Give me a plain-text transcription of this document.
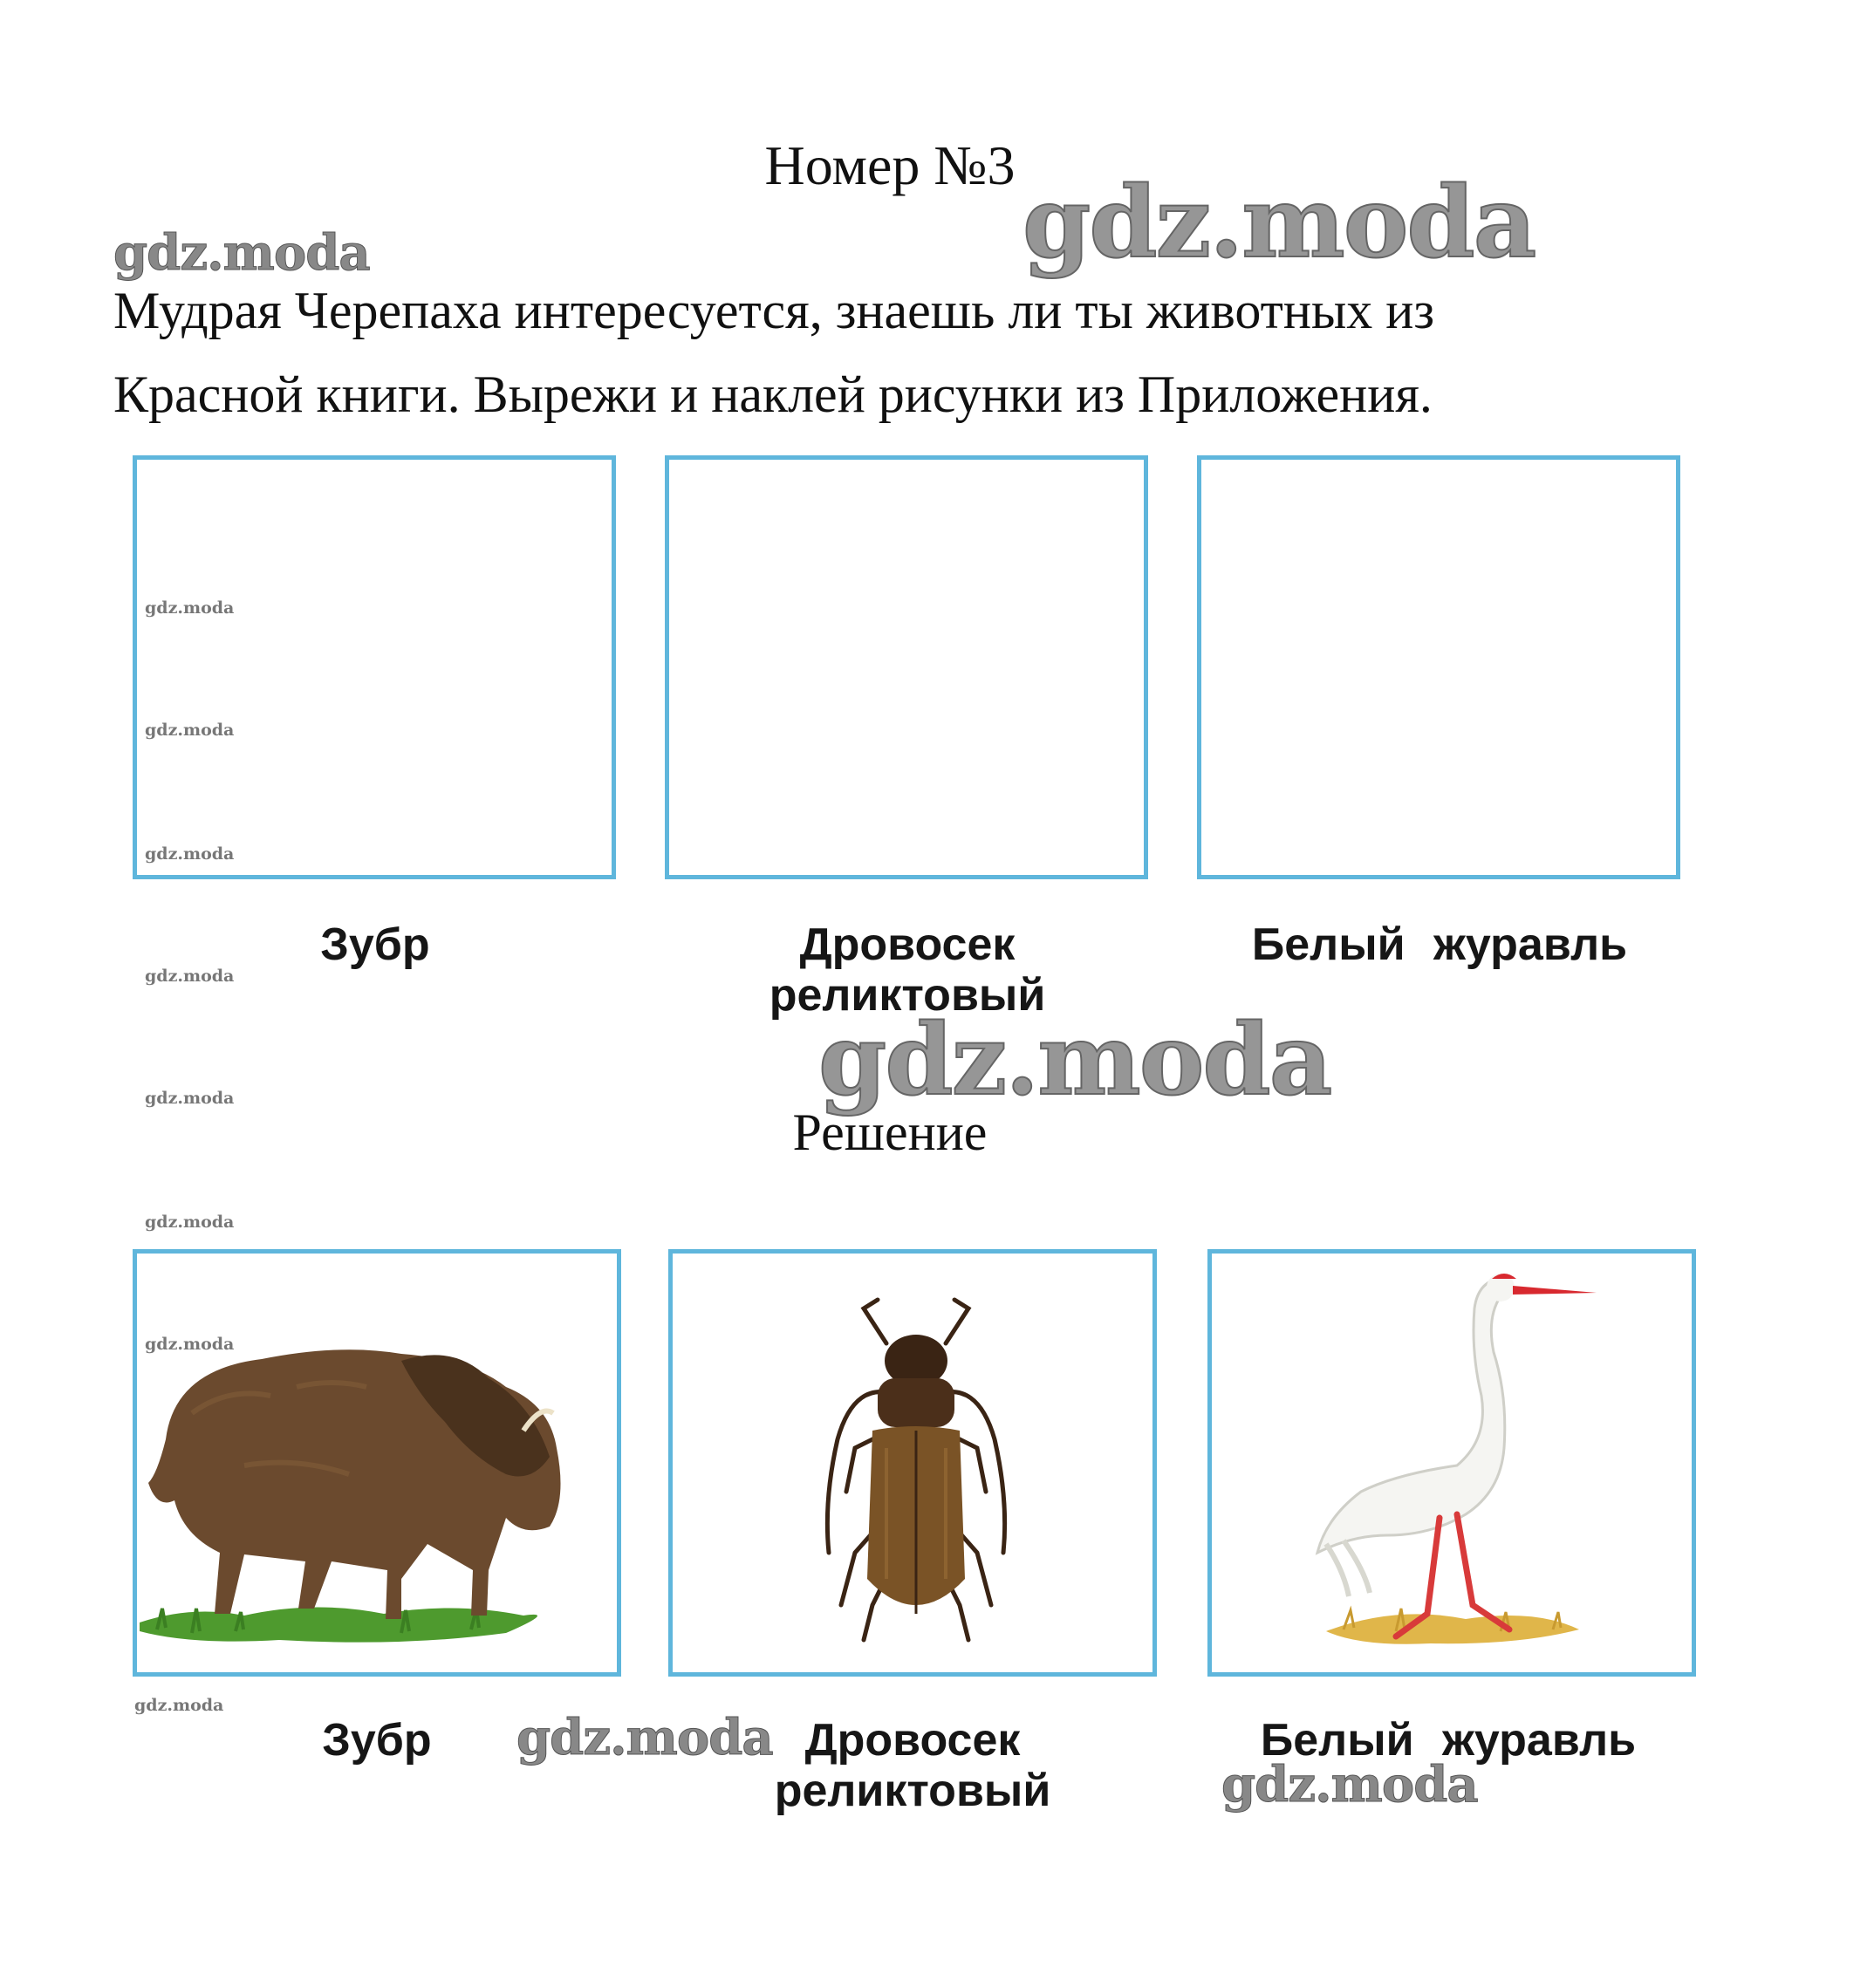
Номер №3
Мудрая Черепаха интересуется, знаешь ли ты животных из
Красной книги. Вырежи и наклей рисунки из Приложения.
Зубр	Дровосек
реликтовый
Белый журавль
Решение
Зубр	Дровосек
реликтовый
Белый журавль
gdz.moda
gdz.moda
gdz.moda
gdz.moda
gdz.moda
gdz.moda
gdz.moda
gdz.moda
gdz.moda
gdz.moda
gdz.moda
gdz.moda
gdz.moda
